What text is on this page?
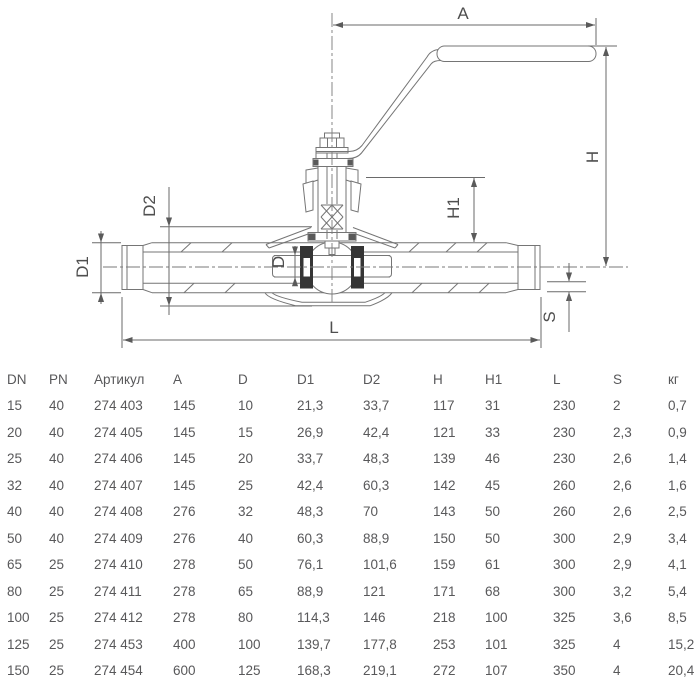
A
H
H1
D2
D1	D
L
S
DN	PN	Артикул	A	D	D1	D2	H	H1	L	S	кг
15	40	274 403	145	10	21,3	33,7	117	31	230	2	0,7
20	40	274 405	145	15	26,9	42,4	121	33	230	2,3	0,9
25	40	274 406	145	20	33,7	48,3	139	46	230	2,6	1,4
32	40	274 407	145	25	42,4	60,3	142	45	260	2,6	1,6
40	40	274 408	276	32	48,3	70	143	50	260	2,6	2,5
50	40	274 409	276	40	60,3	88,9	150	50	300	2,9	3,4
65	25	274 410	278	50	76,1	101,6	159	61	300	2,9	4,1
80	25	274 411	278	65	88,9	121	171	68	300	3,2	5,4
100	25	274 412	278	80	114,3	146	218	100	325	3,6	8,5
125	25	274 453	400	100	139,7	177,8	253	101	325	4	15,2
150	25	274 454	600	125	168,3	219,1	272	107	350	4	20,4
